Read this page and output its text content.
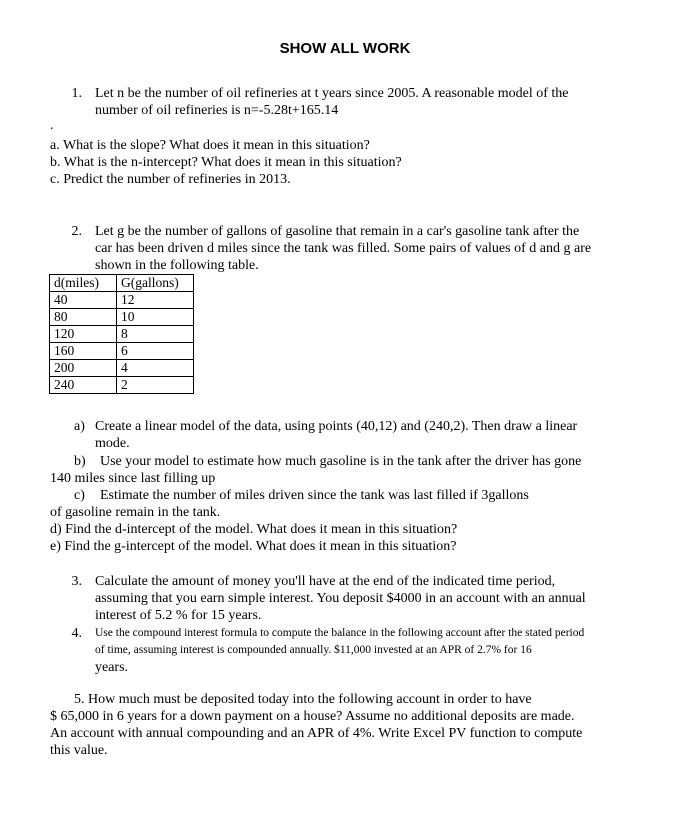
SHOW ALL WORK
1. Let n be the number of oil refineries at t years since 2005. A reasonable model of the
number of oil refineries is n=-5.28t+165.14
.
a. What is the slope? What does it mean in this situation?
b. What is the n-intercept? What does it mean in this situation?
c. Predict the number of refineries in 2013.
2. Let g be the number of gallons of gasoline that remain in a car's gasoline tank after the
car has been driven d miles since the tank was filled. Some pairs of values of d and g are
shown in the following table.
d(miles)	G(gallons)
40	12
80	10
120	8
160	6
200	4
240	2
a) Create a linear model of the data, using points (40,12) and (240,2). Then draw a linear
mode.
b) Use your model to estimate how much gasoline is in the tank after the driver has gone
140 miles since last filling up
c) Estimate the number of miles driven since the tank was last filled if 3gallons
of gasoline remain in the tank.
d) Find the d-intercept of the model. What does it mean in this situation?
e) Find the g-intercept of the model. What does it mean in this situation?
3. Calculate the amount of money you'll have at the end of the indicated time period,
assuming that you earn simple interest. You deposit $4000 in an account with an annual
interest of 5.2 % for 15 years.
4. Use the compound interest formula to compute the balance in the following account after the stated period
of time, assuming interest is compounded annually. $11,000 invested at an APR of 2.7% for 16
years.
5. How much must be deposited today into the following account in order to have
$ 65,000 in 6 years for a down payment on a house? Assume no additional deposits are made.
An account with annual compounding and an APR of 4%. Write Excel PV function to compute
this value.
